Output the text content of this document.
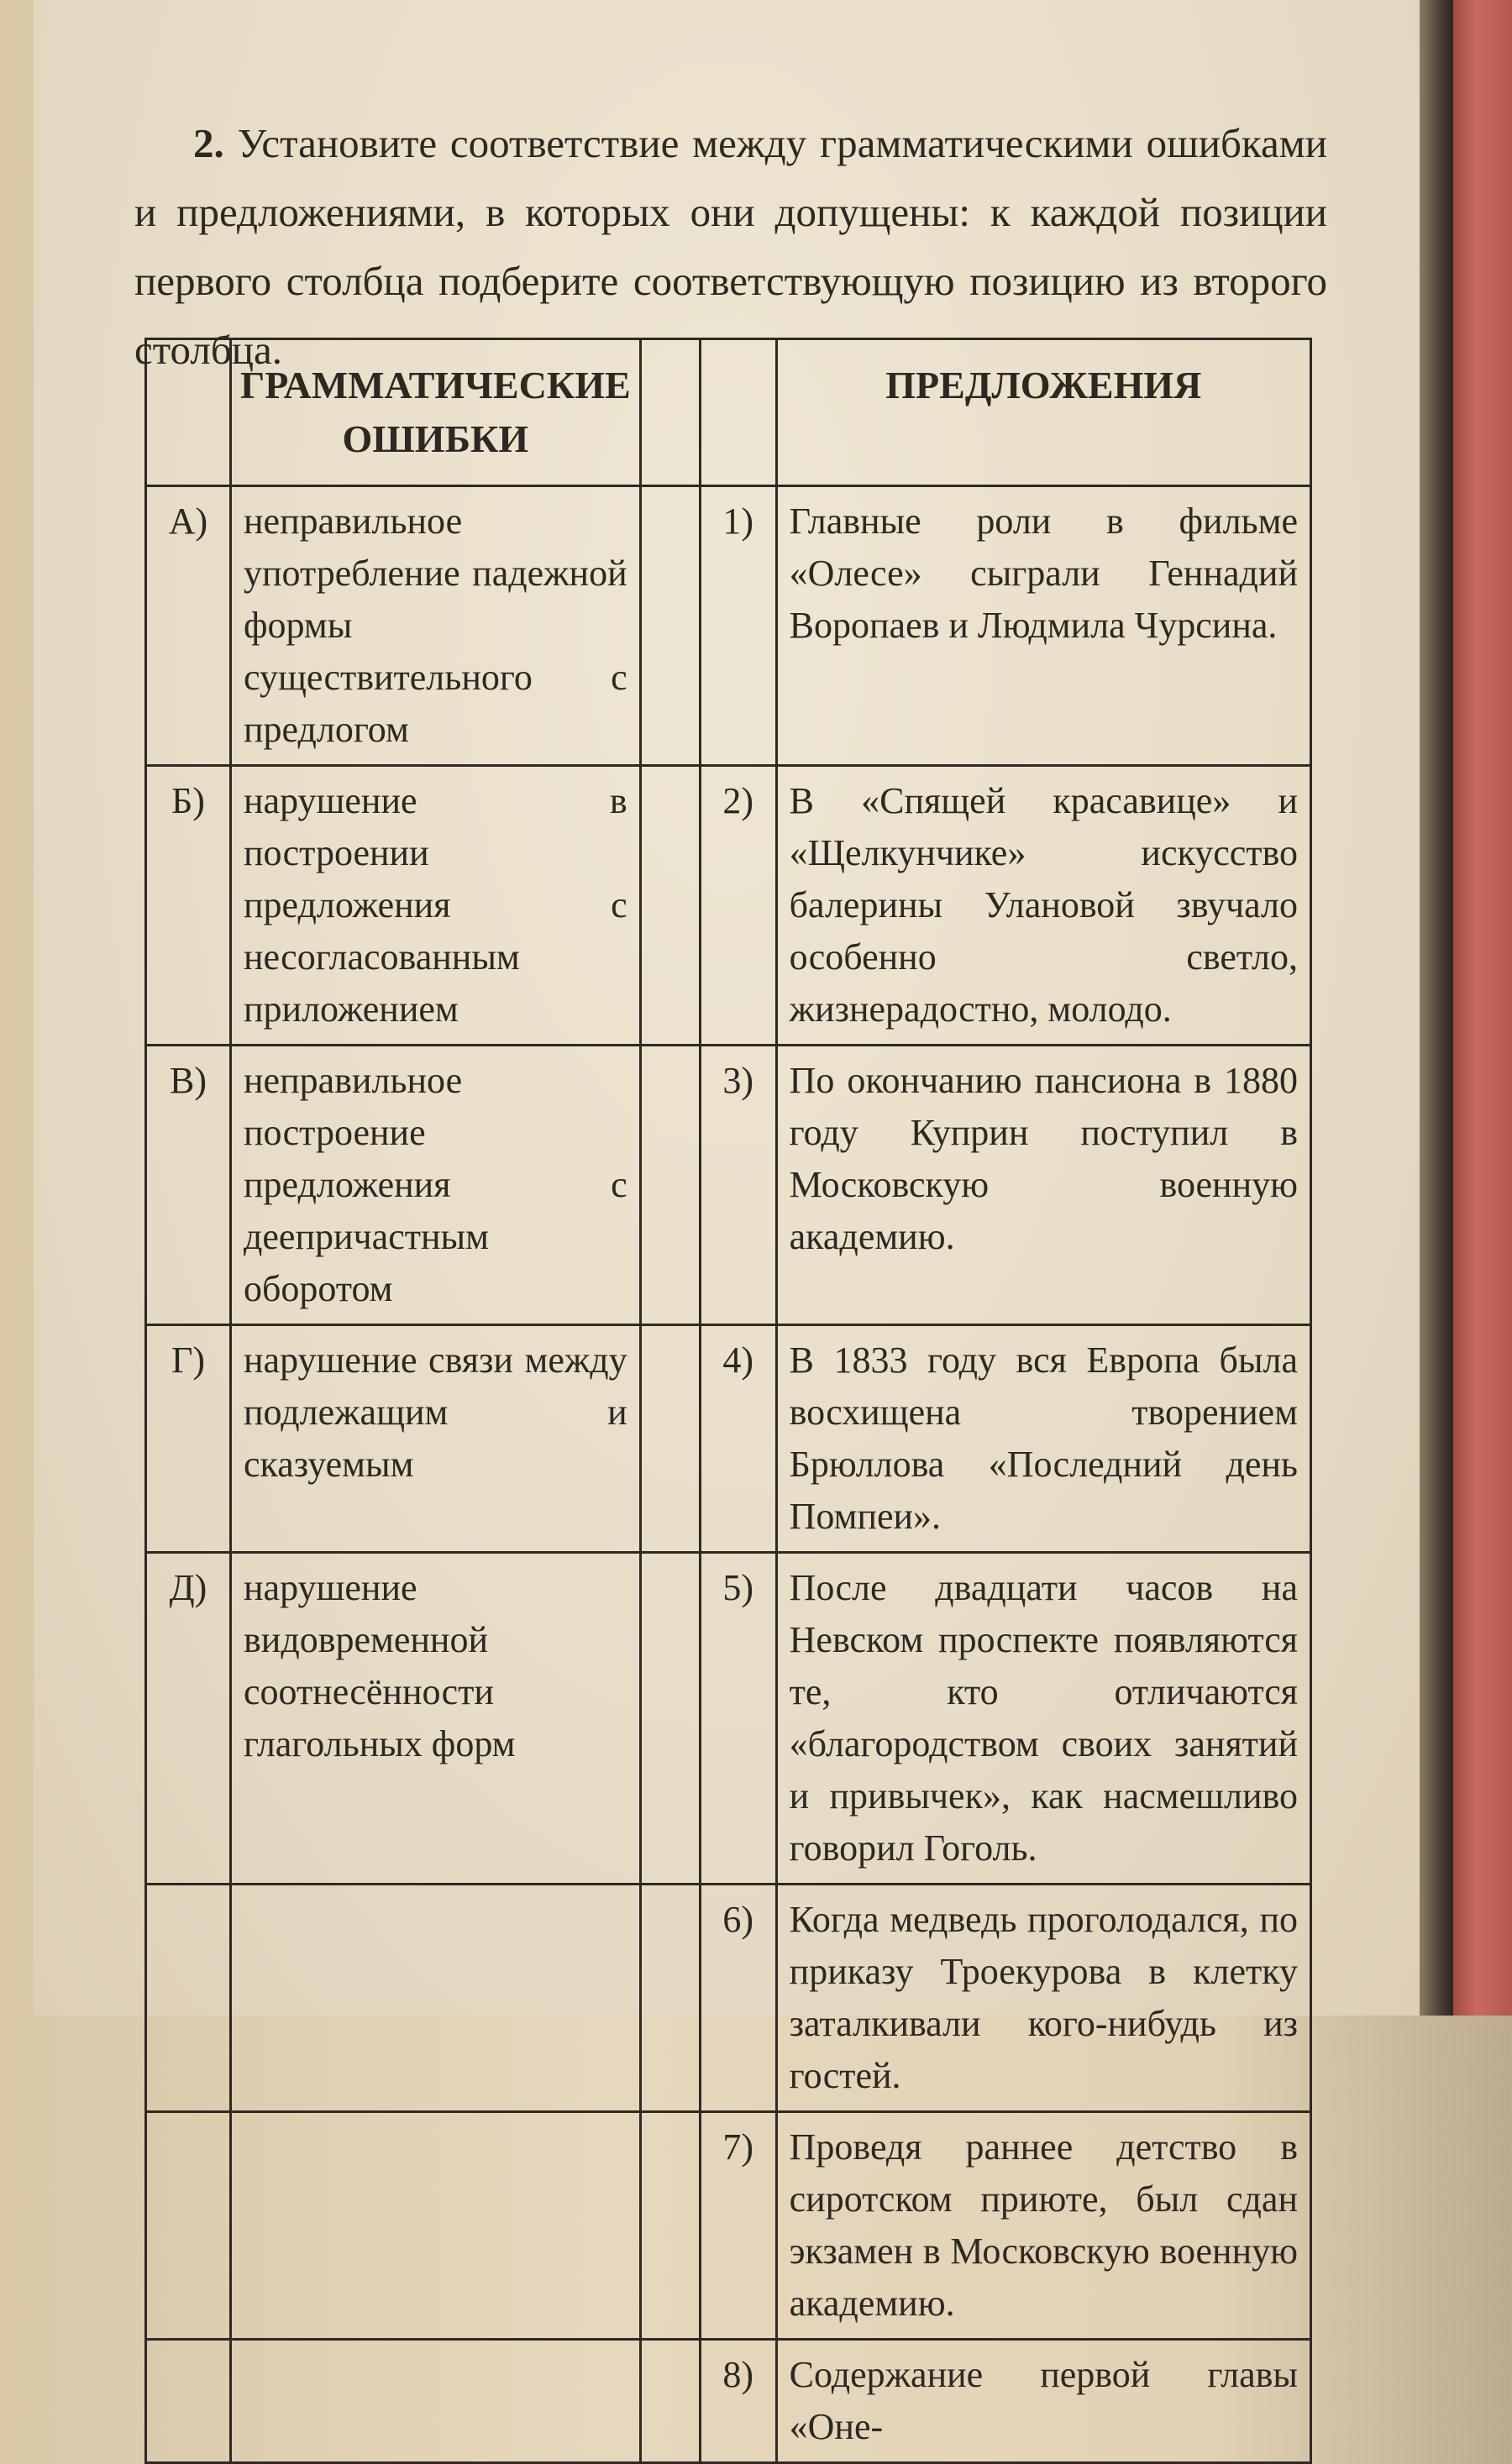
2. Установите соответствие между грамматическими ошибками и предложениями, в которых они допущены: к каждой позиции первого столбца подберите соответствующую позицию из второго столбца.
	ГРАММАТИЧЕСКИЕ ОШИБКИ			ПРЕДЛОЖЕНИЯ
А)	неправильное употребление падежной формы существительного с предлогом		1)	Главные роли в фильме «Олесе» сыграли Геннадий Воропаев и Людмила Чурсина.
Б)	нарушение в построении предложения с несогласованным приложением		2)	В «Спящей красавице» и «Щелкунчике» искусство балерины Улановой звучало особенно светло, жизнерадостно, молодо.
В)	неправильное построение предложения с деепричастным оборотом		3)	По окончанию пансиона в 1880 году Куприн поступил в Московскую военную академию.
Г)	нарушение связи между подлежащим и сказуемым		4)	В 1833 году вся Европа была восхищена творением Брюллова «Последний день Помпеи».
Д)	нарушение видовременной соотнесённости глагольных форм		5)	После двадцати часов на Невском проспекте появляются те, кто отличаются «благородством своих занятий и привычек», как насмешливо говорил Гоголь.
			6)	Когда медведь проголодался, по приказу Троекурова в клетку заталкивали кого-нибудь из гостей.
			7)	Проведя раннее детство в сиротском приюте, был сдан экзамен в Московскую военную академию.
			8)	Содержание первой главы «Оне-
